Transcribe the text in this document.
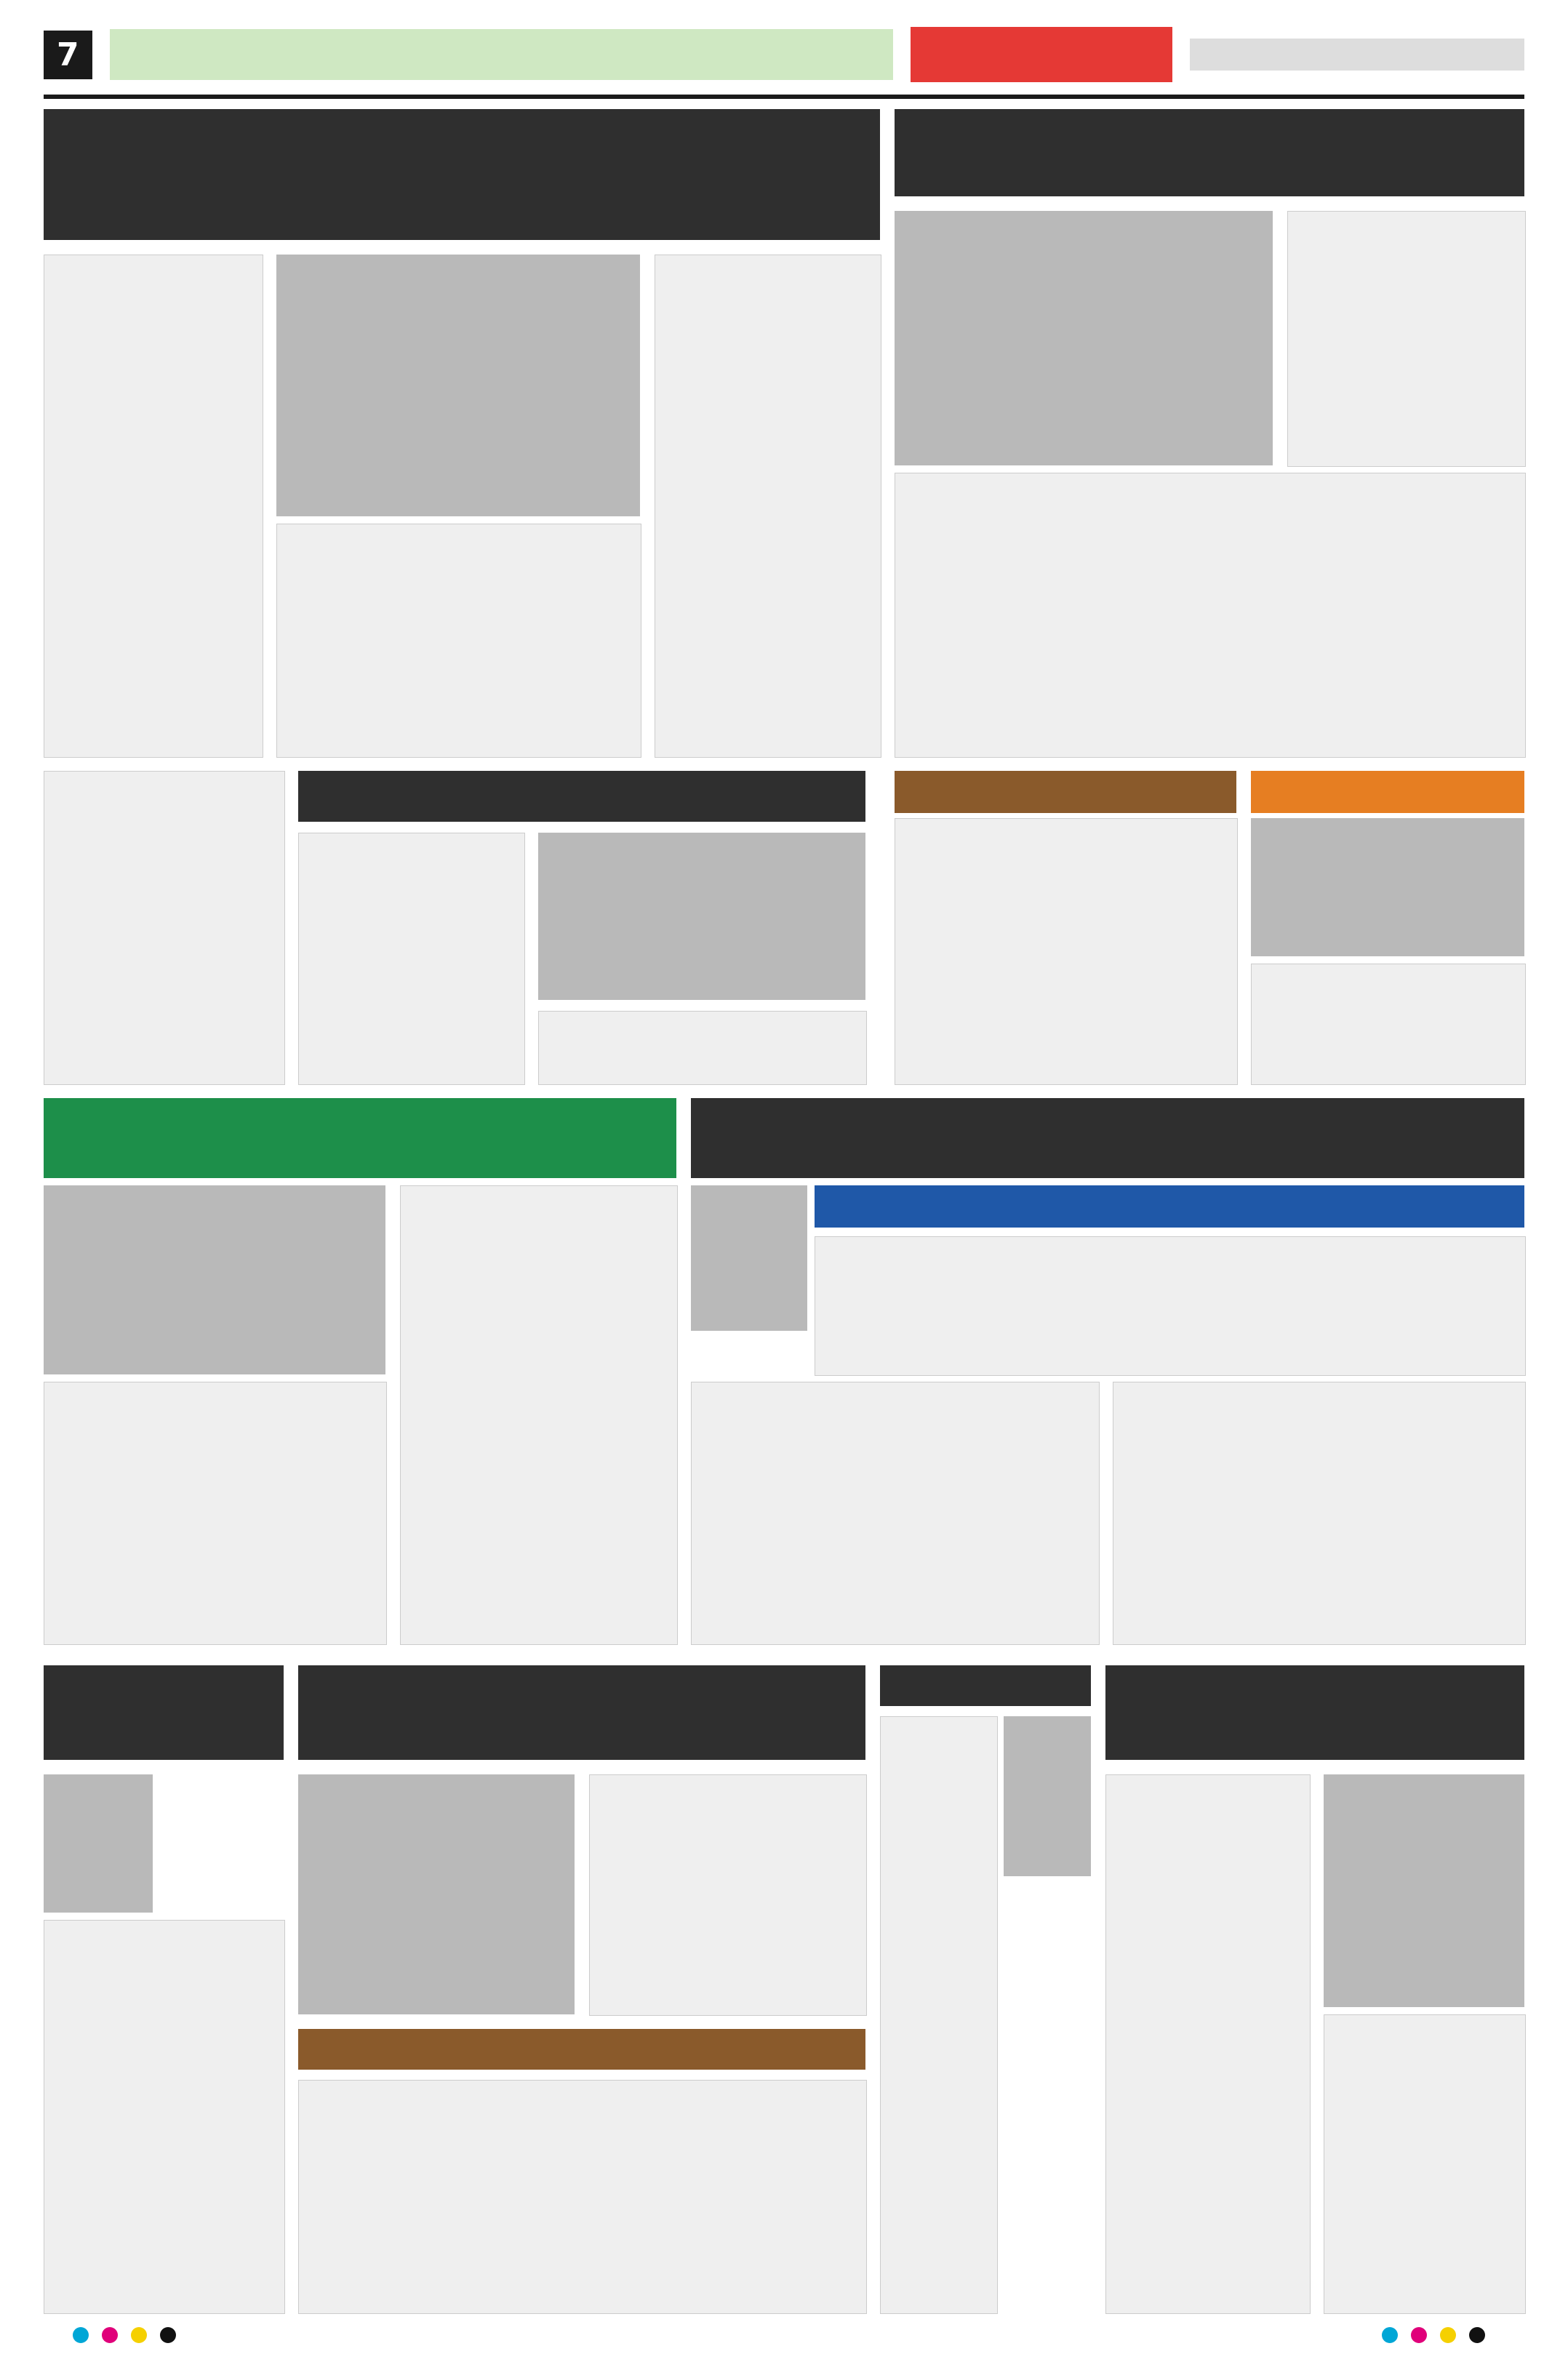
7
